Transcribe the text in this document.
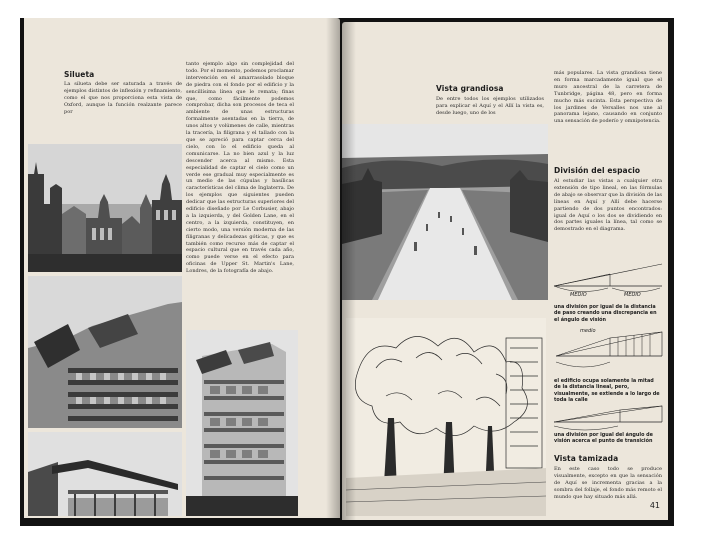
Silueta

La silueta debe ser saturada a través de ejemplos distintos de inflexión y refinamiento, como el que nos proporciona esta vista de Oxford, aunque la función realzante parece por

tanto ejemplo algo sin complejidad del todo. Por el momento, podemos proclamar intervención en el amarrasolado bloque de piedra con el fondo por el edificio y la sencillísima línea que le remata; finas que, como fácilmente podemos comprobar, dicha son procesos de teca el ambiente de unas estructuras formalmente asentadas en la tierra, de unos altos y volúmenes de calle, mientras la tracería, la filigrana y el tallado con la que se apreció para captar cerca del cielo, con lo el edificio queda al comunicarse. La no bien azul y la luz descender acerca al mismo. Esta especialidad de captar el cielo como un verde ese gradual muy especialmente es un medio de las cúpulas y basílicas características del clima de Inglaterra. De los ejemplos que siguientes pueden dedicar que las estructuras superiores del edificio diseñado por Le Corbusier, abajo a la izquierda, y del Golden Lane, en el centro, a la izquierda, constituyen, en cierto modo, una versión moderna de las filigranas y delicadezas góticas, y que es también como recurso más de captar el espacio cultural que en través cada año, como puede verse en el efecto para oficinas de Upper St. Martin's Lane, Londres, de la fotografía de abajo.

Vista grandiosa

De entre todos los ejemplos utilizados para explicar el Aquí y el Allí la vista es, desde luego, uno de los

más populares. La vista grandiosa tiene en forma marcadamente igual que el muro ancestral de la carretera de Tunbridge, página 48, pero en forma mucho más sucinta. Esta perspectiva de los jardines de Versalles nos une al panorama lejano, causando en conjunto una sensación de poderío y omnipotencia.

División del espacio

Al estudiar las vistas a cualquier otra extensión de tipo lineal, en las fórmulas de abajo se observar que la división de las líneas en Aquí y Allí debe hacerse partiendo de dos puntos encontrados: igual de Aquí o los dos se dividiendo en dos partes iguales la línea, tal como se demostrado en el diagrama.

MEDIO	MEDIO

una división por igual de la distancia de paso creando una discrepancia en el ángulo de visión

medio

el edificio ocupa solamente la mitad de la distancia lineal, pero, visualmente, se extiende a lo largo de toda la calle

una división por igual del ángulo de visión acerca el punto de transición

Vista tamizada

En este caso todo se produce visualmente, excepto en que la sensación de Aquí se incrementa gracias a la sombra del follaje, el fondo más remoto el mundo que hay situado más allá.

41
